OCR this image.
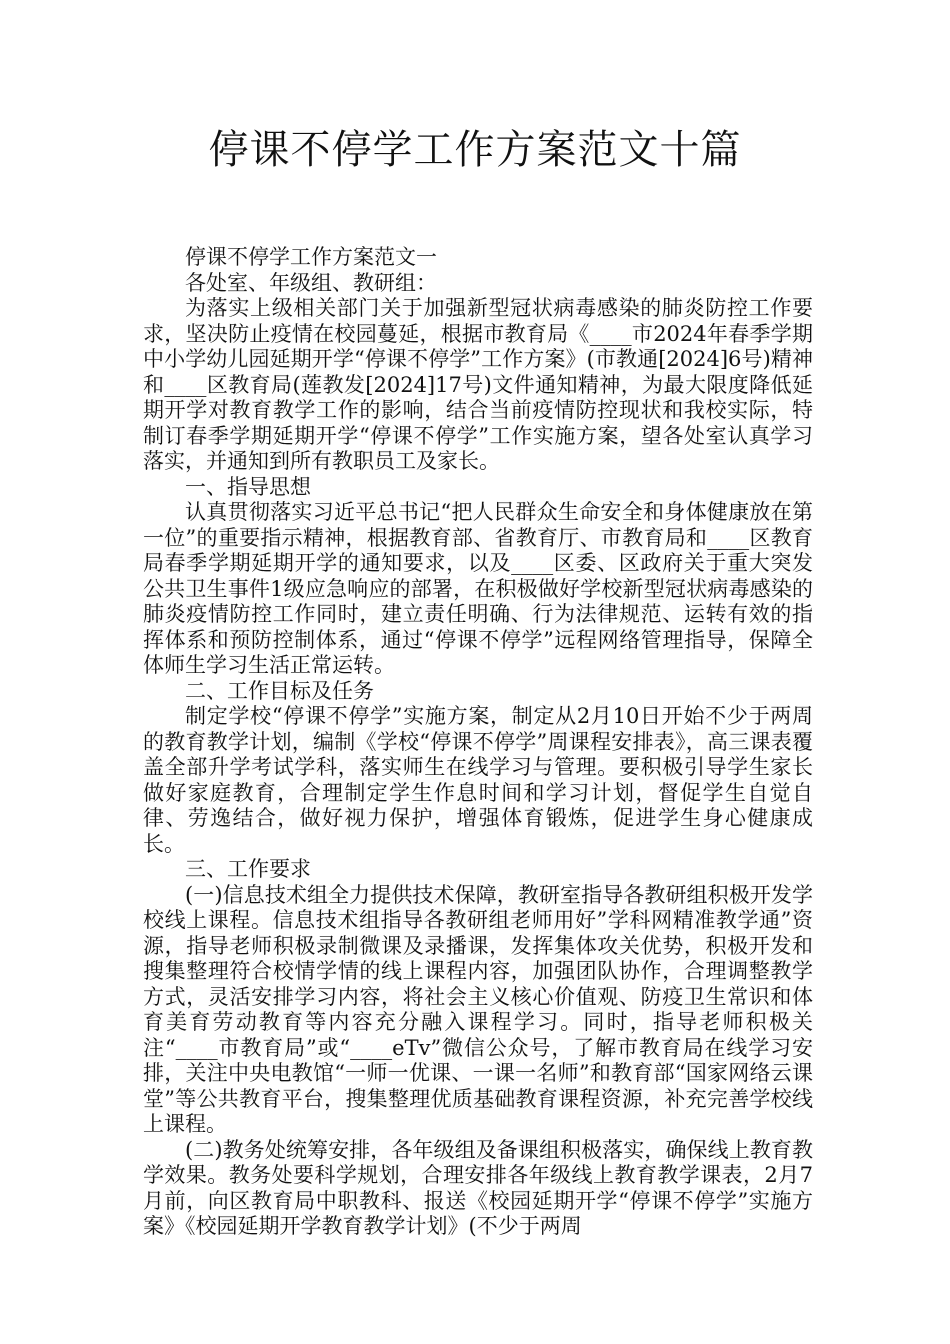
停课不停学工作方案范文十篇

停课不停学工作方案范文一

各处室、年级组、教研组：

为落实上级相关部门关于加强新型冠状病毒感染的肺炎防控工作要求，坚决防止疫情在校园蔓延，根据市教育局《____市2024年春季学期中小学幼儿园延期开学“停课不停学”工作方案》(市教通[2024]6号)精神和____区教育局(莲教发[2024]17号)文件通知精神，为最大限度降低延期开学对教育教学工作的影响，结合当前疫情防控现状和我校实际，特制订春季学期延期开学“停课不停学”工作实施方案，望各处室认真学习落实，并通知到所有教职员工及家长。

一、指导思想

认真贯彻落实习近平总书记“把人民群众生命安全和身体健康放在第一位”的重要指示精神，根据教育部、省教育厅、市教育局和____区教育局春季学期延期开学的通知要求，以及____区委、区政府关于重大突发公共卫生事件1级应急响应的部署，在积极做好学校新型冠状病毒感染的肺炎疫情防控工作同时，建立责任明确、行为法律规范、运转有效的指挥体系和预防控制体系，通过“停课不停学”远程网络管理指导，保障全体师生学习生活正常运转。

二、工作目标及任务

制定学校“停课不停学”实施方案，制定从2月10日开始不少于两周的教育教学计划，编制《学校“停课不停学”周课程安排表》，高三课表覆盖全部升学考试学科，落实师生在线学习与管理。要积极引导学生家长做好家庭教育，合理制定学生作息时间和学习计划，督促学生自觉自律、劳逸结合，做好视力保护，增强体育锻炼，促进学生身心健康成长。

三、工作要求

(一)信息技术组全力提供技术保障，教研室指导各教研组积极开发学校线上课程。信息技术组指导各教研组老师用好”学科网精准教学通”资源，指导老师积极录制微课及录播课，发挥集体攻关优势，积极开发和搜集整理符合校情学情的线上课程内容，加强团队协作，合理调整教学方式，灵活安排学习内容，将社会主义核心价值观、防疫卫生常识和体育美育劳动教育等内容充分融入课程学习。同时，指导老师积极关注“____市教育局”或“____eTv”微信公众号，了解市教育局在线学习安排，关注中央电教馆“一师一优课、一课一名师”和教育部“国家网络云课堂”等公共教育平台，搜集整理优质基础教育课程资源，补充完善学校线上课程。

(二)教务处统筹安排，各年级组及备课组积极落实，确保线上教育教学效果。教务处要科学规划，合理安排各年级线上教育教学课表，2月7月前，向区教育局中职教科、报送《校园延期开学“停课不停学”实施方案》《校园延期开学教育教学计划》(不少于两周
